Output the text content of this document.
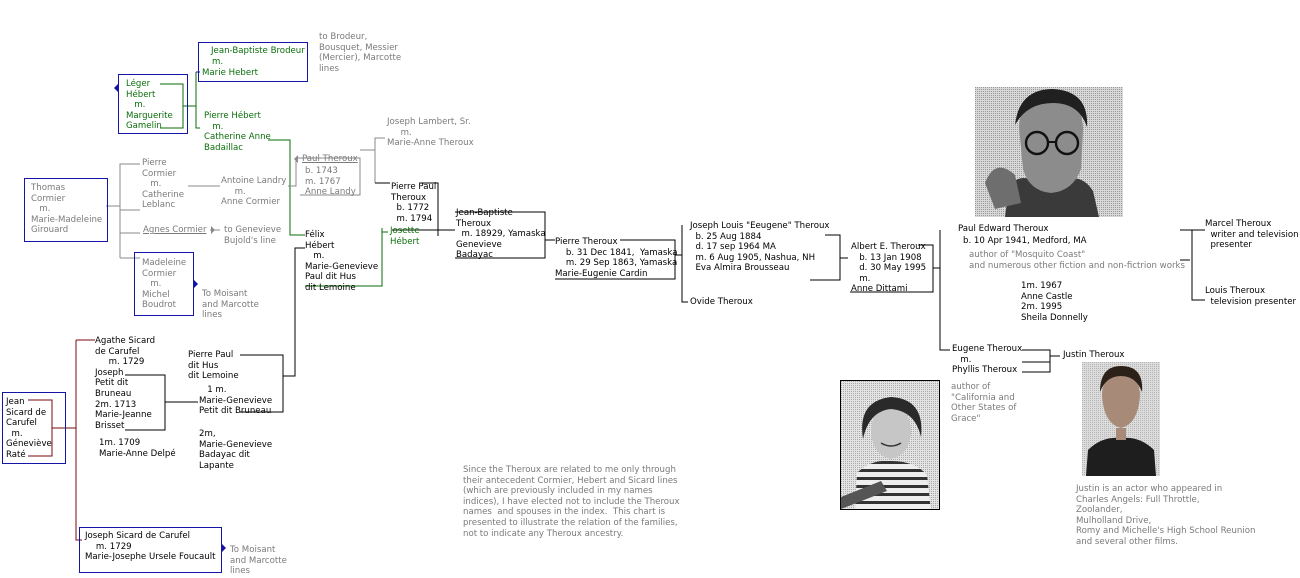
Jean-Baptiste Brodeur
m.
Marie Hebert
to Brodeur,
Bousquet, Messier
(Mercier), Marcotte
lines
Léger
Hébert
m.
Marguerite
Gamelin
Pierre Hébert
m.
Catherine Anne
Badaillac
Joseph Lambert, Sr.
m.
Marie-Anne Theroux
Paul Theroux
b. 1743
m. 1767
Anne Landy
Thomas
Cormier
m.
Marie-Madeleine
Girouard
Pierre
Cormier
m.
Catherine
Leblanc
Antoine Landry
m.
Anne Cormier
Agnes Cormier to Genevieve
Bujold's line
Madeleine
Cormier
m.
Michel
Boudrot
To Moisant
and Marcotte
lines
Félix
Hébert
m.
Marie-Genevieve
Paul dit Hus
dit Lemoine
Josette
Hébert
Pierre Paul
Theroux
b. 1772
m. 1794
Jean-Baptiste
Theroux
m. 18929, Yamaska
Genevieve
Badayac
Pierre Theroux
b. 31 Dec 1841,  Yamaska
m. 29 Sep 1863, Yamaska
Marie-Eugenie Cardin
Joseph Louis "Eeugene" Theroux
b. 25 Aug 1884
d. 17 sep 1964 MA
m. 6 Aug 1905, Nashua, NH
Eva Almira Brousseau
Ovide Theroux
Albert E. Theroux
b. 13 Jan 1908
d. 30 May 1995
m.
Anne Dittami
Paul Edward Theroux
b. 10 Apr 1941, Medford, MA
author of "Mosquito Coast"
and numerous other fiction and non-fictrion works
1m. 1967
Anne Castle
2m. 1995
Sheila Donnelly
Marcel Theroux
writer and television
presenter
Louis Theroux
television presenter
Eugene Theroux
m.
Phyllis Theroux
Justin Theroux
author of
"California and
Other States of
Grace"
Justin is an actor who appeared in
Charles Angels: Full Throttle,
Zoolander,
Mulholland Drive,
Romy and Michelle's High School Reunion
and several other films.
Agathe Sicard
de Carufel
m. 1729
Joseph
Petit dit
Bruneau
2m. 1713
Marie-Jeanne
Brisset
1m. 1709
Marie-Anne Delpé
Pierre Paul
dit Hus
dit Lemoine
1 m.
Marie-Genevieve
Petit dit Bruneau
2m,
Marie-Genevieve
Badayac dit
Lapante
Jean
Sicard de
Carufel
m.
Géneviève
Raté
Joseph Sicard de Carufel
m. 1729
Marie-Josephe Ursele Foucault
To Moisant
and Marcotte
lines
Since the Theroux are related to me only through
their antecedent Cormier, Hebert and Sicard lines
(which are previously included in my names
indices), I have elected not to include the Theroux
names  and spouses in the index.  This chart is
presented to illustrate the relation of the families,
not to indicate any Theroux ancestry.
